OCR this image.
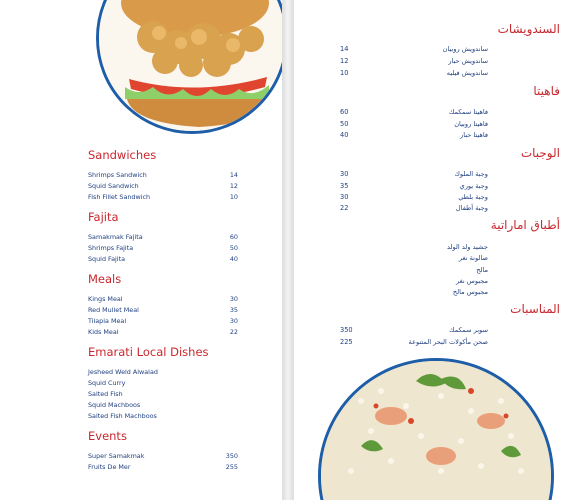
Sandwiches
Shrimps Sandwich	14
Squid Sandwich	12
Fish Fillet Sandwich	10
Fajita
Samakmak Fajita	60
Shrimps Fajita	50
Squid Fajita	40
Meals
Kings Meal	30
Red Mullet Meal	35
Tilapia Meal	30
Kids Meal	22
Emarati Local Dishes
Jesheed Weld Alwalad
Squid Curry
Salted Fish
Squid Machboos
Salted Fish Machboos
Events
Super Samakmak	350
Fruits De Mer	255
السندويشات
14	ساندويش روبيان
12	ساندويش حبار
10	ساندويش فيليه
فاهيتا
60	فاهيتا سمكمك
50	فاهيتا روبيان
40	فاهيتا حبار
الوجبات
30	وجبة الملوك
35	وجبة يوري
30	وجبة بلطي
22	وجبة أطفال
أطباق اماراتية
جشيد ولد الولد
صالونة نغر
مالح
مجبوس نغر
مجبوس مالح
المناسبات
350	سوبر سمكمك
225	صحن مأكولات البحر المتنوعة
